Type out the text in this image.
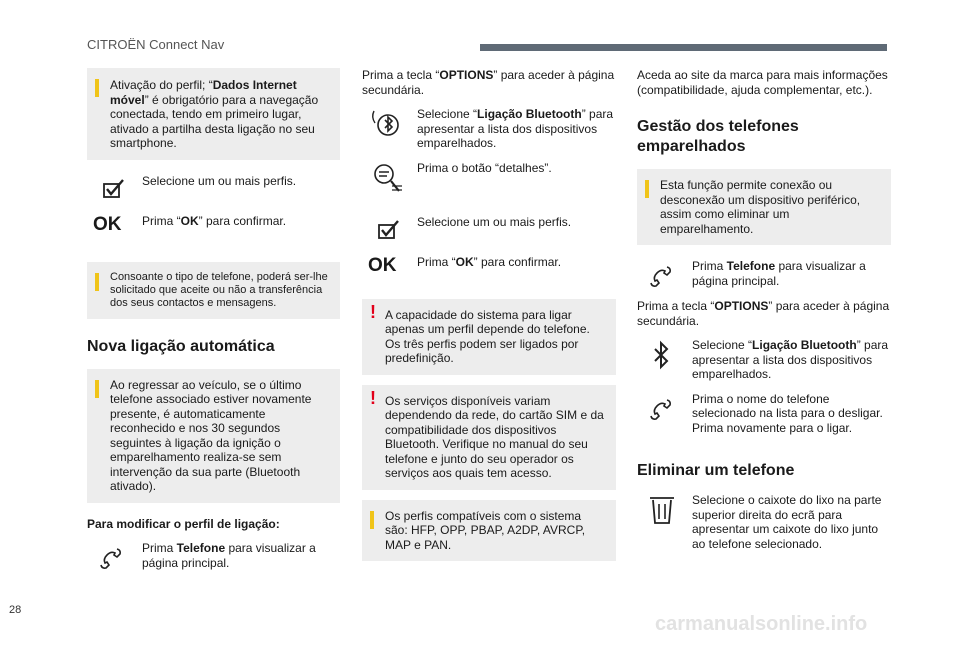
CITROËN Connect Nav
Ativação do perfil; “Dados Internet móvel” é obrigatório para a navegação conectada, tendo em primeiro lugar, ativado a partilha desta ligação no seu smartphone.
Selecione um ou mais perfis.
OK Prima “OK” para confirmar.
Consoante o tipo de telefone, poderá ser-lhe solicitado que aceite ou não a transferência dos seus contactos e mensagens.
Nova ligação automática
Ao regressar ao veículo, se o último telefone associado estiver novamente presente, é automaticamente reconhecido e nos 30 segundos seguintes à ligação da ignição o emparelhamento realiza-se sem intervenção da sua parte (Bluetooth ativado).

Para modificar o perfil de ligação:

Prima Telefone para visualizar a página principal.

Prima a tecla “OPTIONS” para aceder à página secundária.

Selecione “Ligação Bluetooth” para apresentar a lista dos dispositivos emparelhados.
Prima o botão “detalhes”.
Selecione um ou mais perfis.
OK Prima “OK” para confirmar.
! A capacidade do sistema para ligar apenas um perfil depende do telefone. Os três perfis podem ser ligados por predefinição.
! Os serviços disponíveis variam dependendo da rede, do cartão SIM e da compatibilidade dos dispositivos Bluetooth. Verifique no manual do seu telefone e junto do seu operador os serviços aos quais tem acesso.
Os perfis compatíveis com o sistema são: HFP, OPP, PBAP, A2DP, AVRCP, MAP e PAN.

Aceda ao site da marca para mais informações (compatibilidade, ajuda complementar, etc.).

Gestão dos telefones emparelhados
Esta função permite conexão ou desconexão um dispositivo periférico, assim como eliminar um emparelhamento.
Prima Telefone para visualizar a página principal.

Prima a tecla “OPTIONS” para aceder à página secundária.

Selecione “Ligação Bluetooth” para apresentar a lista dos dispositivos emparelhados.
Prima o nome do telefone selecionado na lista para o desligar. Prima novamente para o ligar.
Eliminar um telefone
Selecione o caixote do lixo na parte superior direita do ecrã para apresentar um caixote do lixo junto ao telefone selecionado.
28
carmanualsonline.info
